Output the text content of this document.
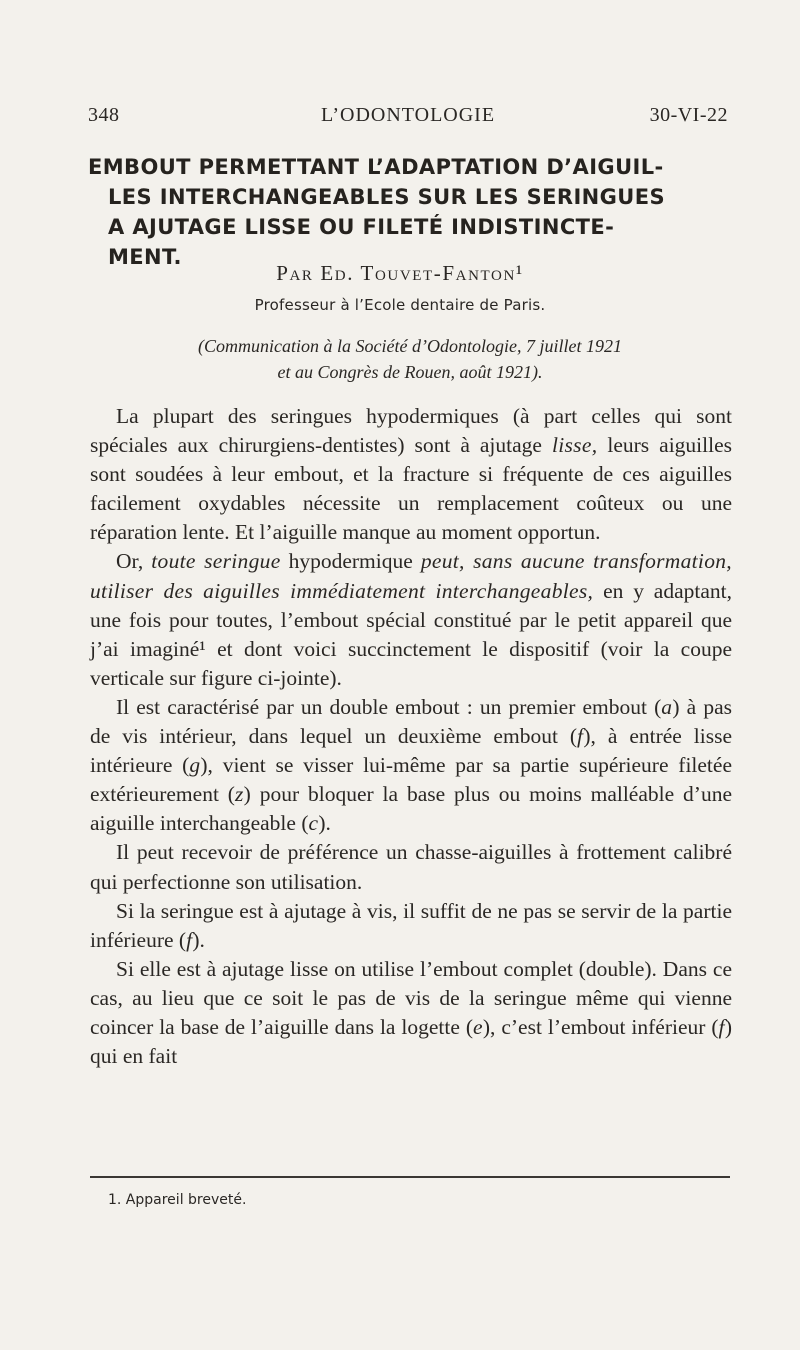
348	L’ODONTOLOGIE	30-VI-22
EMBOUT PERMETTANT L’ADAPTATION D’AIGUIL-
LES INTERCHANGEABLES SUR LES SERINGUES
A AJUTAGE LISSE OU FILETÉ INDISTINCTE-
MENT.
Par Ed. Touvet-Fanton¹
Professeur à l’Ecole dentaire de Paris.
(Communication à la Société d’Odontologie, 7 juillet 1921
et au Congrès de Rouen, août 1921).

La plupart des seringues hypodermiques (à part celles qui sont spéciales aux chirurgiens-dentistes) sont à ajutage lisse, leurs aiguilles sont soudées à leur embout, et la fracture si fréquente de ces aiguilles facilement oxydables nécessite un remplacement coûteux ou une réparation lente. Et l’aiguille manque au moment opportun.

Or, toute seringue hypodermique peut, sans aucune transformation, utiliser des aiguilles immédiatement interchangeables, en y adaptant, une fois pour toutes, l’embout spécial constitué par le petit appareil que j’ai imaginé¹ et dont voici succinctement le dispositif (voir la coupe verticale sur figure ci-jointe).

Il est caractérisé par un double embout : un premier embout (a) à pas de vis intérieur, dans lequel un deuxième embout (f), à entrée lisse intérieure (g), vient se visser lui-même par sa partie supérieure filetée extérieurement (z) pour bloquer la base plus ou moins malléable d’une aiguille interchangeable (c).

Il peut recevoir de préférence un chasse-aiguilles à frottement calibré qui perfectionne son utilisation.

Si la seringue est à ajutage à vis, il suffit de ne pas se servir de la partie inférieure (f).

Si elle est à ajutage lisse on utilise l’embout complet (double). Dans ce cas, au lieu que ce soit le pas de vis de la seringue même qui vienne coincer la base de l’aiguille dans la logette (e), c’est l’embout inférieur (f) qui en fait

1. Appareil breveté.
